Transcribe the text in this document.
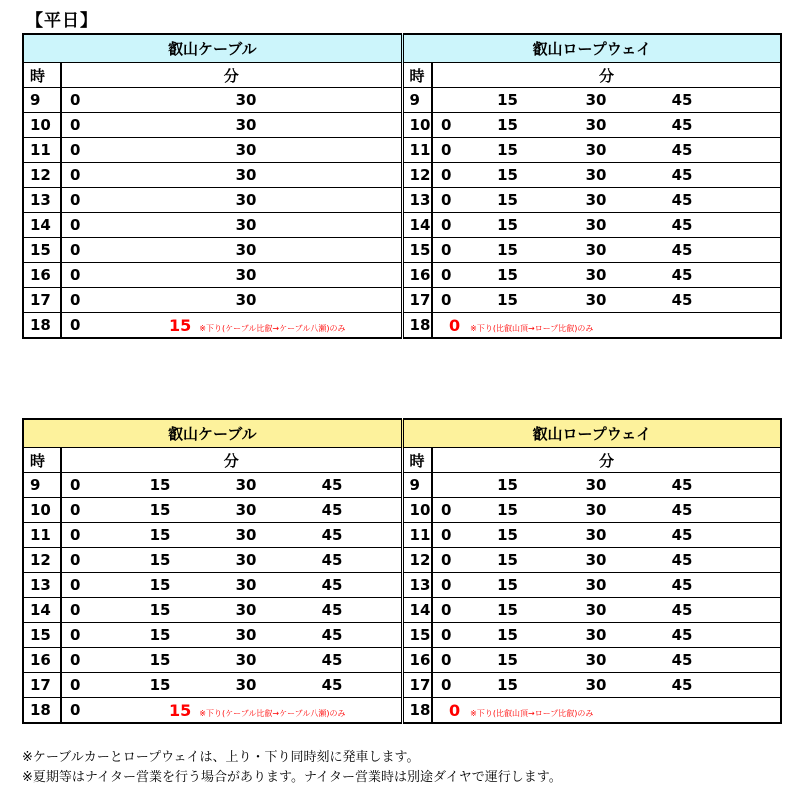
【平日】
叡山ケーブル						叡山ロープウェイ					
時	分					時	分				
9	0		30			9		15	30	45	
10	0		30			10	0	15	30	45	
11	0		30			11	0	15	30	45	
12	0		30			12	0	15	30	45	
13	0		30			13	0	15	30	45	
14	0		30			14	0	15	30	45	
15	0		30			15	0	15	30	45	
16	0		30			16	0	15	30	45	
17	0		30			17	0	15	30	45	
18	0	15 ※下り(ケーブル比叡→ケーブル八瀬)のみ				18	0 ※下り(比叡山頂→ロープ比叡)のみ				
叡山ケーブル						叡山ロープウェイ					
時	分					時	分				
9	0	15	30	45		9		15	30	45	
10	0	15	30	45		10	0	15	30	45	
11	0	15	30	45		11	0	15	30	45	
12	0	15	30	45		12	0	15	30	45	
13	0	15	30	45		13	0	15	30	45	
14	0	15	30	45		14	0	15	30	45	
15	0	15	30	45		15	0	15	30	45	
16	0	15	30	45		16	0	15	30	45	
17	0	15	30	45		17	0	15	30	45	
18	0	15 ※下り(ケーブル比叡→ケーブル八瀬)のみ				18	0 ※下り(比叡山頂→ロープ比叡)のみ				
※ケーブルカーとロープウェイは、上り・下り同時刻に発車します。
※夏期等はナイター営業を行う場合があります。ナイター営業時は別途ダイヤで運行します。
